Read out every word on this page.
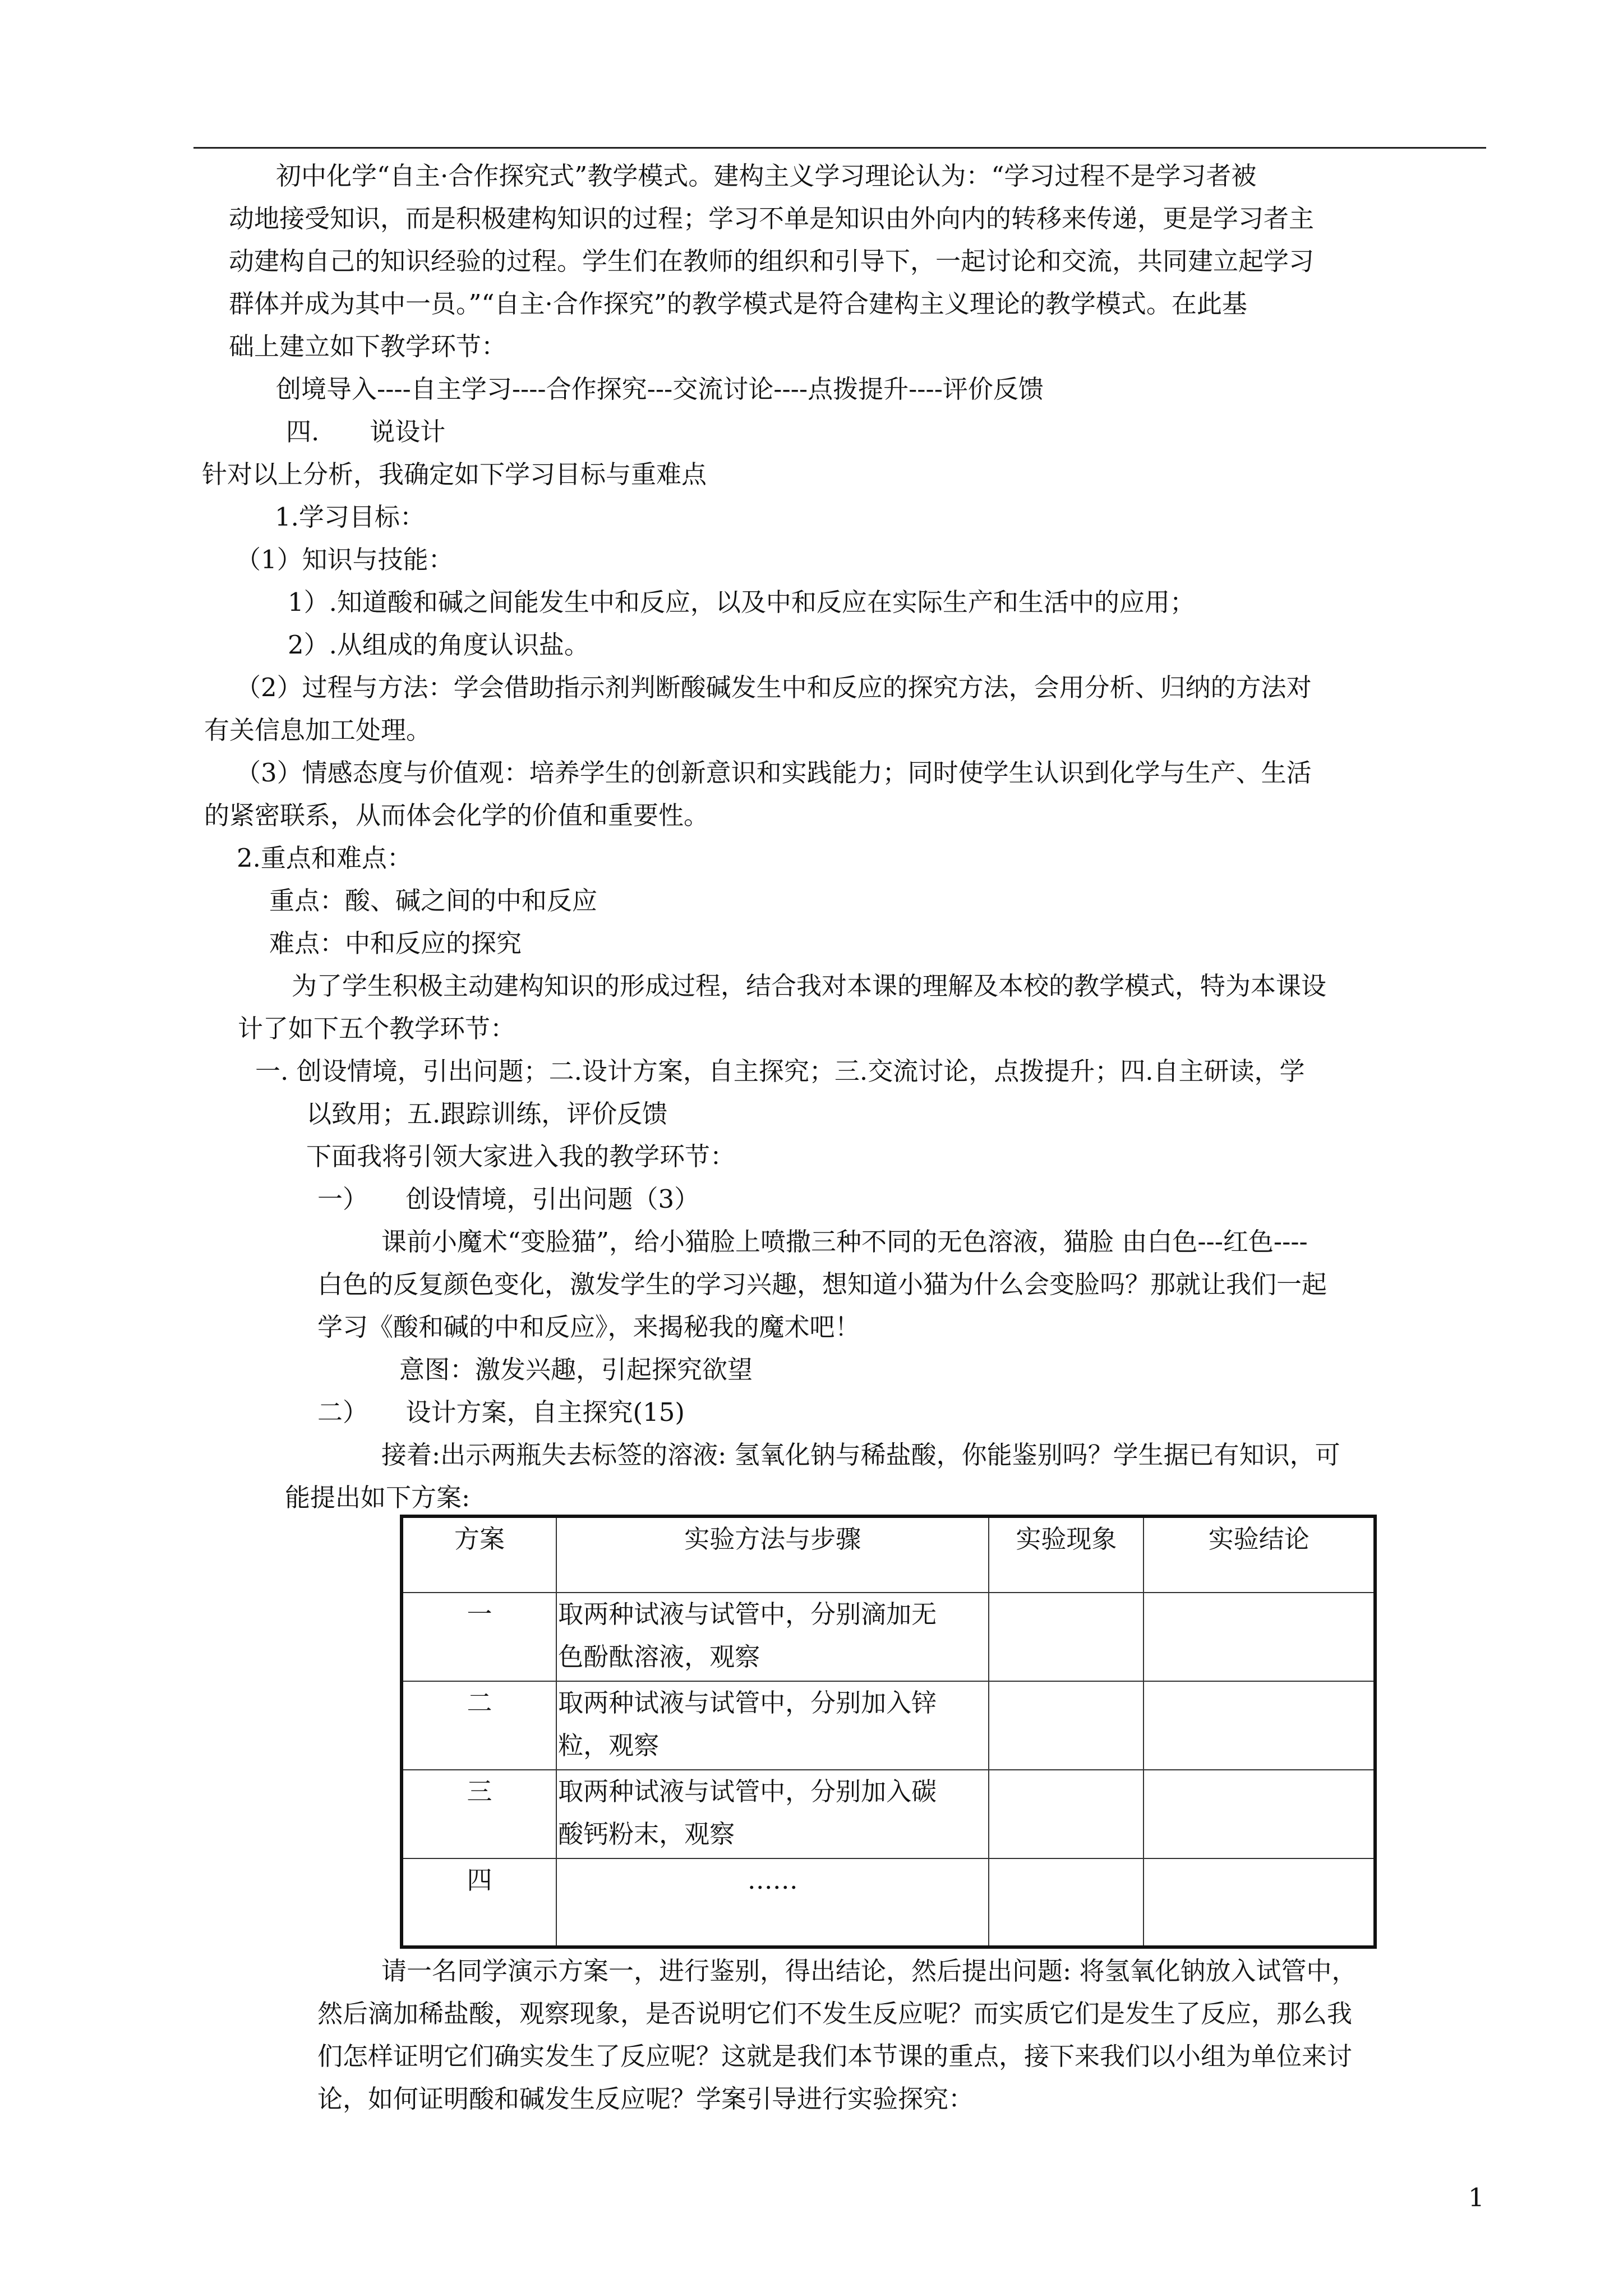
初中化学“自主·合作探究式”教学模式。建构主义学习理论认为：“学习过程不是学习者被
动地接受知识，而是积极建构知识的过程；学习不单是知识由外向内的转移来传递，更是学习者主
动建构自己的知识经验的过程。学生们在教师的组织和引导下，一起讨论和交流，共同建立起学习
群体并成为其中一员。”“自主·合作探究”的教学模式是符合建构主义理论的教学模式。在此基
础上建立如下教学环节：
创境导入----自主学习----合作探究---交流讨论----点拨提升----评价反馈
四.　　说设计
针对以上分析，我确定如下学习目标与重难点
1.学习目标：
（1）知识与技能：
1）.知道酸和碱之间能发生中和反应，以及中和反应在实际生产和生活中的应用；
2）.从组成的角度认识盐。
（2）过程与方法：学会借助指示剂判断酸碱发生中和反应的探究方法，会用分析、归纳的方法对
有关信息加工处理。
（3）情感态度与价值观：培养学生的创新意识和实践能力；同时使学生认识到化学与生产、生活
的紧密联系，从而体会化学的价值和重要性。
2.重点和难点：
重点：酸、碱之间的中和反应
难点：中和反应的探究
为了学生积极主动建构知识的形成过程，结合我对本课的理解及本校的教学模式，特为本课设
计了如下五个教学环节：
一. 创设情境，引出问题；二.设计方案，自主探究；三.交流讨论，点拨提升；四.自主研读，学
以致用；五.跟踪训练，评价反馈
下面我将引领大家进入我的教学环节：
一）　　创设情境，引出问题（3）
课前小魔术“变脸猫”，给小猫脸上喷撒三种不同的无色溶液，猫脸 由白色---红色----
白色的反复颜色变化，激发学生的学习兴趣，想知道小猫为什么会变脸吗？那就让我们一起
学习《酸和碱的中和反应》，来揭秘我的魔术吧！
意图：激发兴趣，引起探究欲望
二）　　设计方案，自主探究(15)
接着:出示两瓶失去标签的溶液: 氢氧化钠与稀盐酸，你能鉴别吗？学生据已有知识，可
能提出如下方案:
方案	实验方法与步骤	实验现象	实验结论
一	取两种试液与试管中，分别滴加无
色酚酞溶液，观察		

二	取两种试液与试管中，分别加入锌
粒，观察		

三	取两种试液与试管中，分别加入碳
酸钙粉末，观察		

四	……		

请一名同学演示方案一，进行鉴别，得出结论，然后提出问题: 将氢氧化钠放入试管中，
然后滴加稀盐酸，观察现象，是否说明它们不发生反应呢？而实质它们是发生了反应，那么我
们怎样证明它们确实发生了反应呢？这就是我们本节课的重点，接下来我们以小组为单位来讨
论，如何证明酸和碱发生反应呢？学案引导进行实验探究：
1
